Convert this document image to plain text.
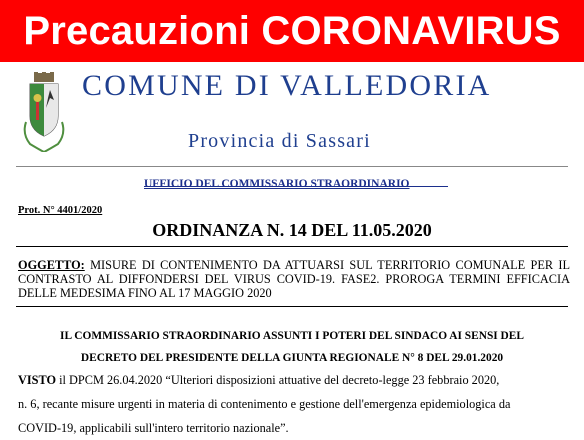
Precauzioni CORONAVIRUS
COMUNE DI VALLEDORIA
Provincia di Sassari
UFFICIO DEL COMMISSARIO STRAORDINARIO
Prot. N° 4401/2020
ORDINANZA N. 14 DEL 11.05.2020
OGGETTO: MISURE DI CONTENIMENTO DA ATTUARSI SUL TERRITORIO COMUNALE PER IL CONTRASTO AL DIFFONDERSI DEL VIRUS COVID-19. FASE2. PROROGA TERMINI EFFICACIA DELLE MEDESIMA FINO AL 17 MAGGIO 2020
IL COMMISSARIO STRAORDINARIO ASSUNTI I POTERI DEL SINDACO AI SENSI DEL
DECRETO DEL PRESIDENTE DELLA GIUNTA REGIONALE N° 8 DEL 29.01.2020
VISTO il DPCM 26.04.2020 “Ulteriori disposizioni attuative del decreto-legge 23 febbraio 2020,
n. 6, recante misure urgenti in materia di contenimento e gestione dell'emergenza epidemiologica da
COVID-19, applicabili sull'intero territorio nazionale”.
